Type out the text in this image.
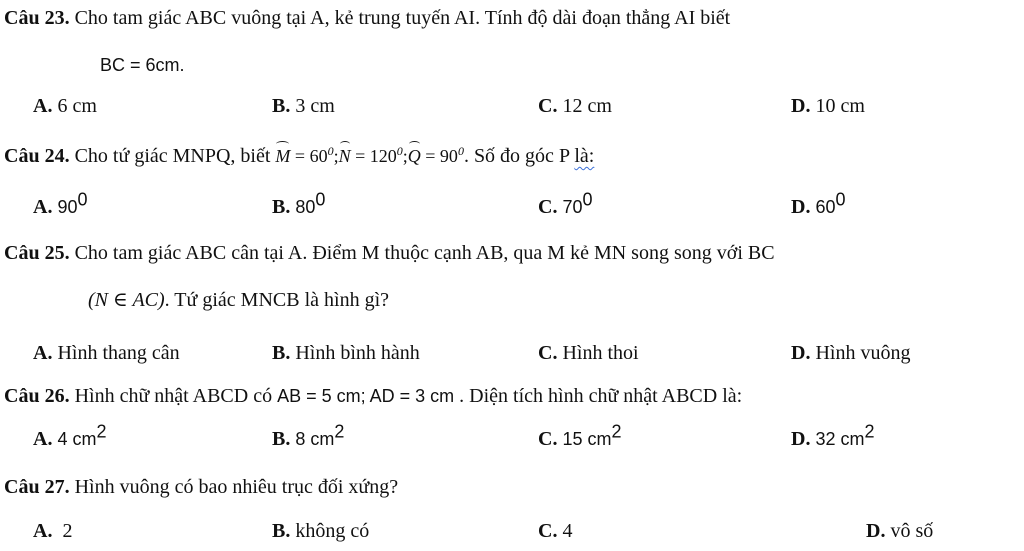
Câu 23. Cho tam giác ABC vuông tại A, kẻ trung tuyến AI. Tính độ dài đoạn thẳng AI biết
BC = 6cm.
A. 6 cm	B. 3 cm	C. 12 cm	D. 10 cm
Câu 24. Cho tứ giác MNPQ, biết $M = 60^0;N$ = $120^0;Q = 90^0$. Số đo góc P là:
A. $90^0$	B. $80^0$	C. $70^0$	D. $60^0$
Câu 25. Cho tam giác ABC cân tại A. Điểm M thuộc cạnh AB, qua M kẻ MN song song với BC
(N ∈ AC). Tứ giác MNCB là hình gì?
A. Hình thang cân	B. Hình bình hành	C. Hình thoi	D. Hình vuông
Câu 26. Hình chữ nhật ABCD có AB = 5 cm; AD = 3 cm . Diện tích hình chữ nhật ABCD là:
A. 4 $cm^2$	B. 8 $cm^2$	C. 15 $cm^2$	D. 32 $cm^2$
Câu 27. Hình vuông có bao nhiêu trục đối xứng?
A.  2	B. không có	C. 4	D. vô số
